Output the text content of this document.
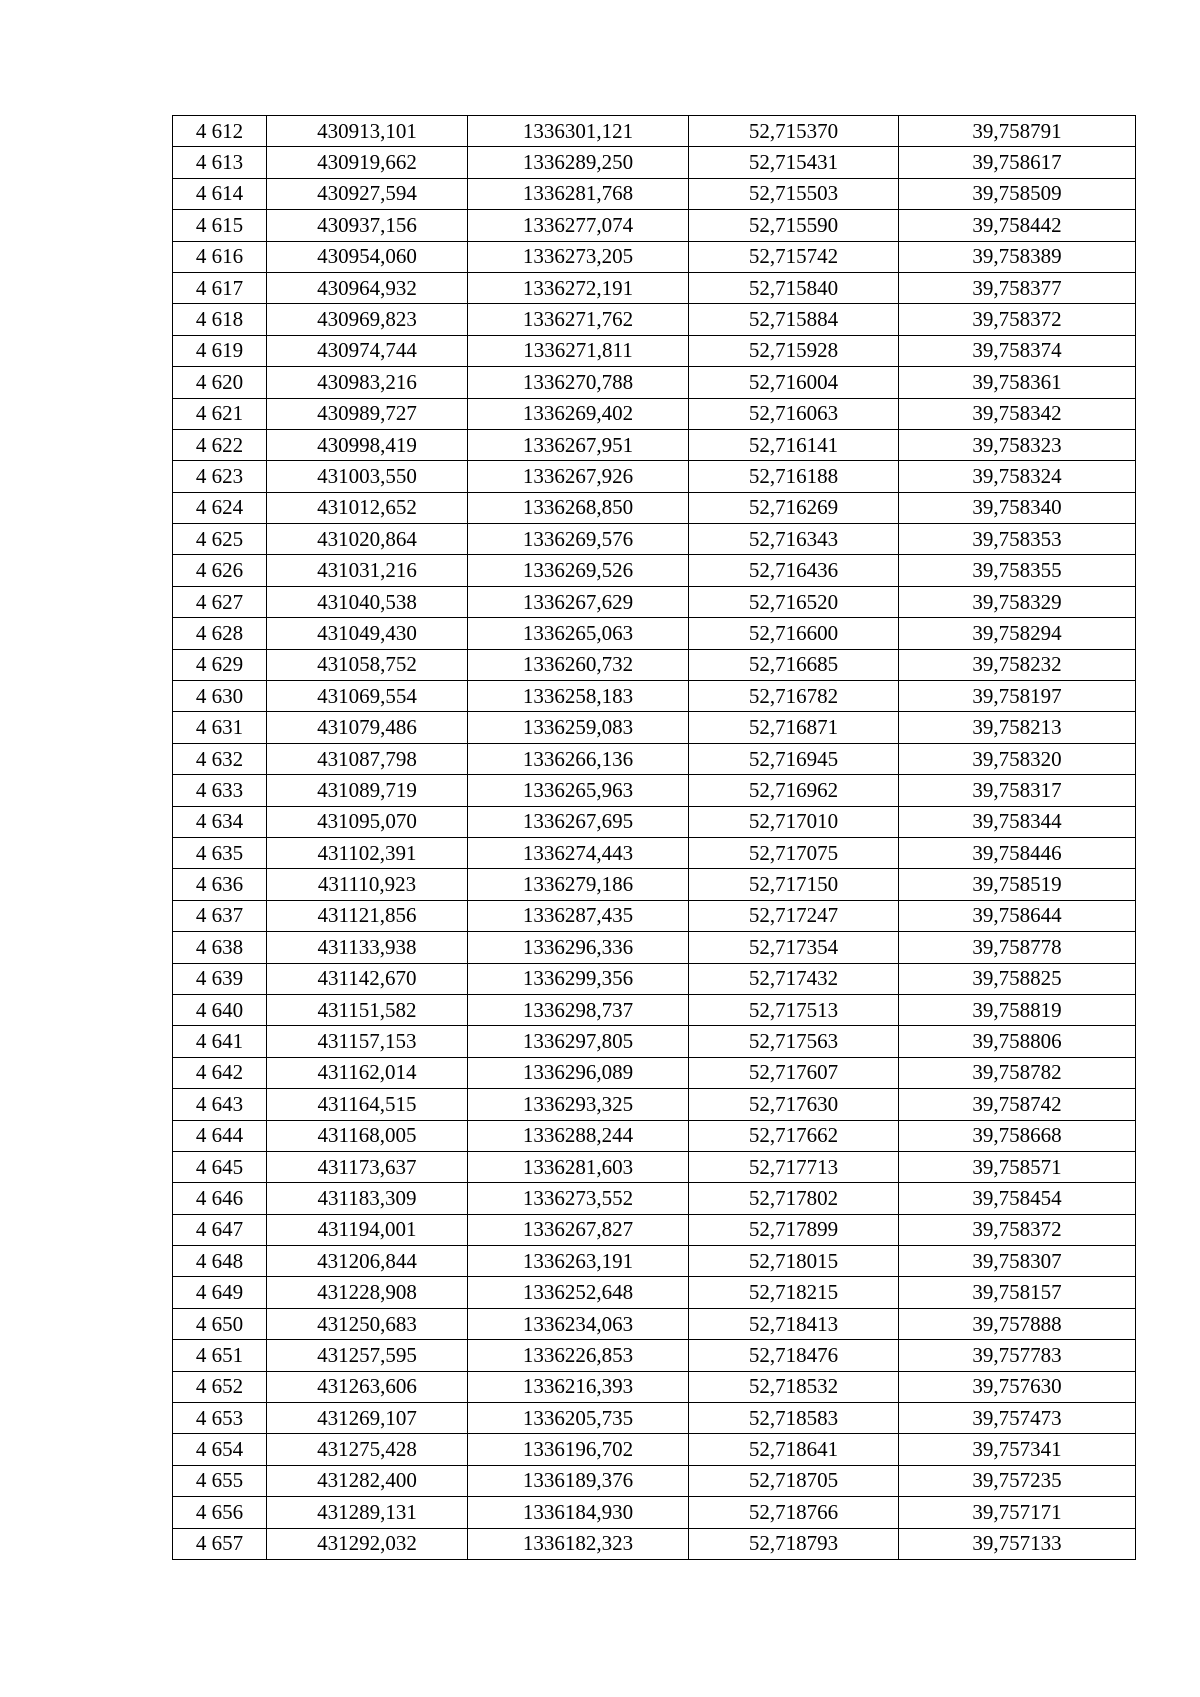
4 612	430913,101	1336301,121	52,715370	39,758791
4 613	430919,662	1336289,250	52,715431	39,758617
4 614	430927,594	1336281,768	52,715503	39,758509
4 615	430937,156	1336277,074	52,715590	39,758442
4 616	430954,060	1336273,205	52,715742	39,758389
4 617	430964,932	1336272,191	52,715840	39,758377
4 618	430969,823	1336271,762	52,715884	39,758372
4 619	430974,744	1336271,811	52,715928	39,758374
4 620	430983,216	1336270,788	52,716004	39,758361
4 621	430989,727	1336269,402	52,716063	39,758342
4 622	430998,419	1336267,951	52,716141	39,758323
4 623	431003,550	1336267,926	52,716188	39,758324
4 624	431012,652	1336268,850	52,716269	39,758340
4 625	431020,864	1336269,576	52,716343	39,758353
4 626	431031,216	1336269,526	52,716436	39,758355
4 627	431040,538	1336267,629	52,716520	39,758329
4 628	431049,430	1336265,063	52,716600	39,758294
4 629	431058,752	1336260,732	52,716685	39,758232
4 630	431069,554	1336258,183	52,716782	39,758197
4 631	431079,486	1336259,083	52,716871	39,758213
4 632	431087,798	1336266,136	52,716945	39,758320
4 633	431089,719	1336265,963	52,716962	39,758317
4 634	431095,070	1336267,695	52,717010	39,758344
4 635	431102,391	1336274,443	52,717075	39,758446
4 636	431110,923	1336279,186	52,717150	39,758519
4 637	431121,856	1336287,435	52,717247	39,758644
4 638	431133,938	1336296,336	52,717354	39,758778
4 639	431142,670	1336299,356	52,717432	39,758825
4 640	431151,582	1336298,737	52,717513	39,758819
4 641	431157,153	1336297,805	52,717563	39,758806
4 642	431162,014	1336296,089	52,717607	39,758782
4 643	431164,515	1336293,325	52,717630	39,758742
4 644	431168,005	1336288,244	52,717662	39,758668
4 645	431173,637	1336281,603	52,717713	39,758571
4 646	431183,309	1336273,552	52,717802	39,758454
4 647	431194,001	1336267,827	52,717899	39,758372
4 648	431206,844	1336263,191	52,718015	39,758307
4 649	431228,908	1336252,648	52,718215	39,758157
4 650	431250,683	1336234,063	52,718413	39,757888
4 651	431257,595	1336226,853	52,718476	39,757783
4 652	431263,606	1336216,393	52,718532	39,757630
4 653	431269,107	1336205,735	52,718583	39,757473
4 654	431275,428	1336196,702	52,718641	39,757341
4 655	431282,400	1336189,376	52,718705	39,757235
4 656	431289,131	1336184,930	52,718766	39,757171
4 657	431292,032	1336182,323	52,718793	39,757133
